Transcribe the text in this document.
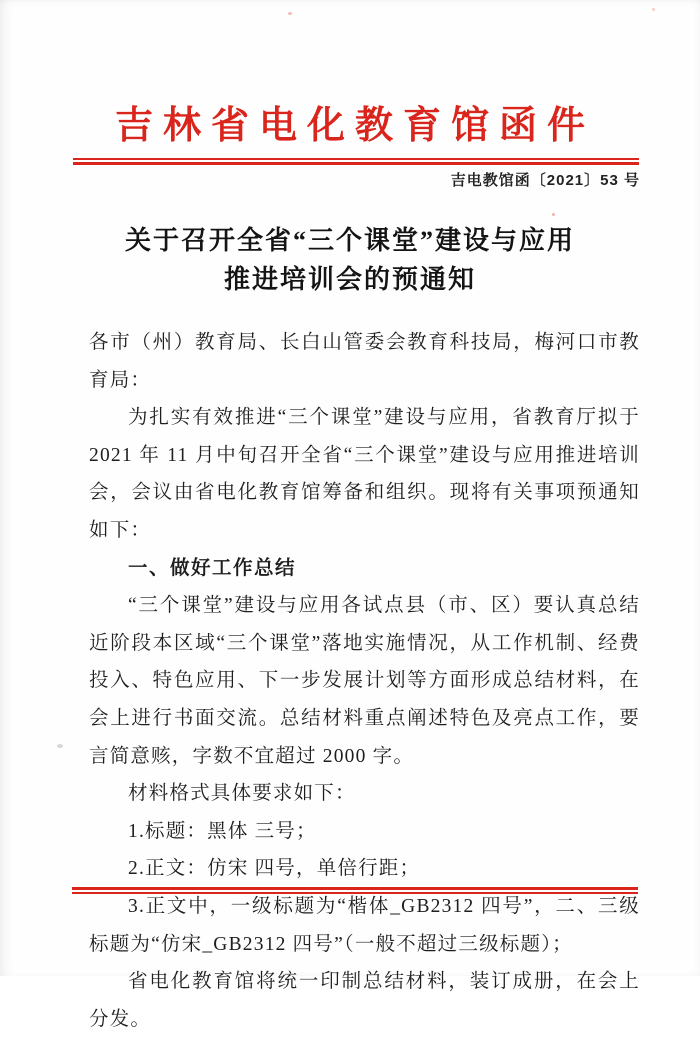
吉林省电化教育馆函件
吉电教馆函〔2021〕53 号
关于召开全省“三个课堂”建设与应用
推进培训会的预通知

各市（州）教育局、长白山管委会教育科技局，梅河口市教育局：

为扎实有效推进“三个课堂”建设与应用，省教育厅拟于 2021 年 11 月中旬召开全省“三个课堂”建设与应用推进培训会，会议由省电化教育馆筹备和组织。现将有关事项预通知如下：

一、做好工作总结

“三个课堂”建设与应用各试点县（市、区）要认真总结近阶段本区域“三个课堂”落地实施情况，从工作机制、经费投入、特色应用、下一步发展计划等方面形成总结材料，在会上进行书面交流。总结材料重点阐述特色及亮点工作，要言简意赅，字数不宜超过 2000 字。

材料格式具体要求如下：

1.标题：黑体 三号；

2.正文：仿宋 四号，单倍行距；

3.正文中，一级标题为“楷体_GB2312 四号”，二、三级标题为“仿宋_GB2312 四号”（一般不超过三级标题）；

省电化教育馆将统一印制总结材料，装订成册，在会上分发。
